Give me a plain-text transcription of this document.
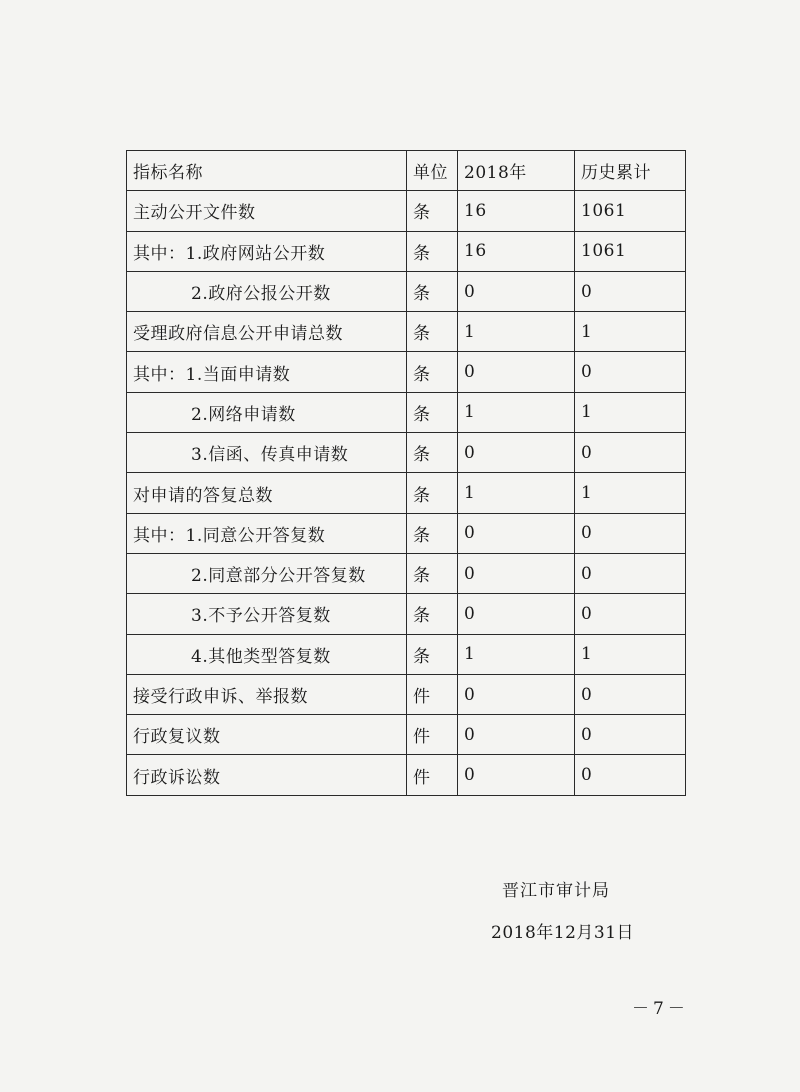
指标名称	单位	2018年	历史累计
主动公开文件数	条	16	1061
其中：1.政府网站公开数	条	16	1061
2.政府公报公开数	条	0	0
受理政府信息公开申请总数	条	1	1
其中：1.当面申请数	条	0	0
2.网络申请数	条	1	1
3.信函、传真申请数	条	0	0
对申请的答复总数	条	1	1
其中：1.同意公开答复数	条	0	0
2.同意部分公开答复数	条	0	0
3.不予公开答复数	条	0	0
4.其他类型答复数	条	1	1
接受行政申诉、举报数	件	0	0
行政复议数	件	0	0
行政诉讼数	件	0	0
晋江市审计局
2018年12月31日
－7－
